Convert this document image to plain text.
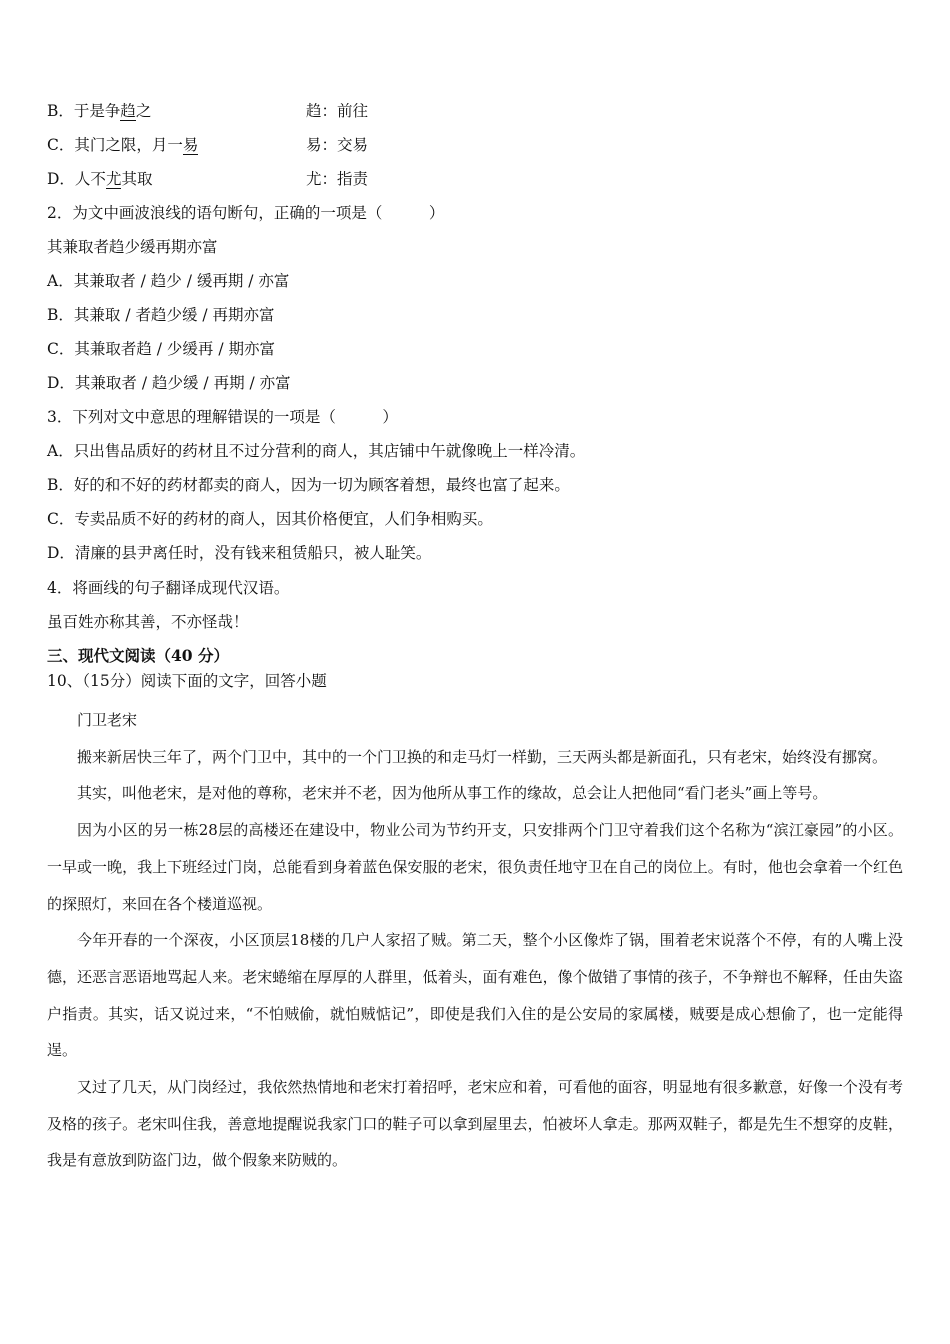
B．于是争趋之	趋：前往
C．其门之限，月一易	易：交易
D．人不尤其取	尤：指责
2．为文中画波浪线的语句断句，正确的一项是（　　　）
其兼取者趋少缓再期亦富
A．其兼取者 / 趋少 / 缓再期 / 亦富
B．其兼取 / 者趋少缓 / 再期亦富
C．其兼取者趋 / 少缓再 / 期亦富
D．其兼取者 / 趋少缓 / 再期 / 亦富
3．下列对文中意思的理解错误的一项是（　　　）
A．只出售品质好的药材且不过分营利的商人，其店铺中午就像晚上一样冷清。
B．好的和不好的药材都卖的商人，因为一切为顾客着想，最终也富了起来。
C．专卖品质不好的药材的商人，因其价格便宜，人们争相购买。
D．清廉的县尹离任时，没有钱来租赁船只，被人耻笑。
4．将画线的句子翻译成现代汉语。
虽百姓亦称其善，不亦怪哉！
三、现代文阅读（40 分）
10、（15分）阅读下面的文字，回答小题
门卫老宋

搬来新居快三年了，两个门卫中，其中的一个门卫换的和走马灯一样勤，三天两头都是新面孔，只有老宋，始终没有挪窝。

其实，叫他老宋，是对他的尊称，老宋并不老，因为他所从事工作的缘故，总会让人把他同“看门老头”画上等号。

因为小区的另一栋28层的高楼还在建设中，物业公司为节约开支，只安排两个门卫守着我们这个名称为“滨江豪园”的小区。一早或一晚，我上下班经过门岗，总能看到身着蓝色保安服的老宋，很负责任地守卫在自己的岗位上。有时，他也会拿着一个红色的探照灯，来回在各个楼道巡视。

今年开春的一个深夜，小区顶层18楼的几户人家招了贼。第二天，整个小区像炸了锅，围着老宋说落个不停，有的人嘴上没德，还恶言恶语地骂起人来。老宋蜷缩在厚厚的人群里，低着头，面有难色，像个做错了事情的孩子，不争辩也不解释，任由失盗户指责。其实，话又说过来，“不怕贼偷，就怕贼惦记”，即使是我们入住的是公安局的家属楼，贼要是成心想偷了，也一定能得逞。

又过了几天，从门岗经过，我依然热情地和老宋打着招呼，老宋应和着，可看他的面容，明显地有很多歉意，好像一个没有考及格的孩子。老宋叫住我，善意地提醒说我家门口的鞋子可以拿到屋里去，怕被坏人拿走。那两双鞋子，都是先生不想穿的皮鞋，我是有意放到防盗门边，做个假象来防贼的。
